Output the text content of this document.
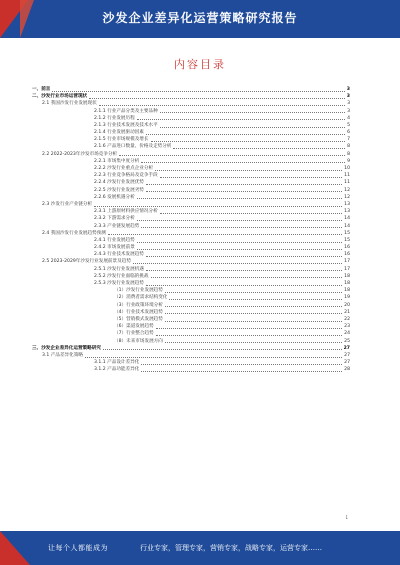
沙发企业差异化运营策略研究报告
内容目录
一、前言	3
二、沙发行业市场运营现状	3
2.1 我国沙发行业发展现状	3
2.1.1 行业产品分类及主要品种	3
2.1.2 行业发展历程	4
2.1.3 行业技术发展及技术水平	5
2.1.4 行业发展驱动因素	6
2.1.5 行业市场规模及增长	7
2.1.6 产品进口数量、价格及走势分析	8
2.2 2022-2023年沙发市场竞争分析	8
2.2.1 市场集中度分析	9
2.2.2 沙发行业重点企业分析	10
2.2.3 行业竞争格局及竞争手段	11
2.2.4 沙发行业发展优势	11
2.2.5 沙发行业发展劣势	12
2.2.6 发展机遇分析	12
2.3 沙发行业产业链分析	13
2.3.1 上游原材料供应情况分析	13
2.3.2 下游需求分析	14
2.3.3 产业链发展趋势	14
2.4 我国沙发行业发展趋势预测	15
2.4.1 行业发展趋势	15
2.4.2 市场发展前景	16
2.4.3 行业技术发展趋势	16
2.5 2023-2029年沙发行业发展前景及趋势	17
2.5.1 沙发行业发展机遇	17
2.5.2 沙发行业面临的挑战	18
2.5.3 沙发行业发展趋势	18
（1）沙发行业发展趋势	18
（2）消费者需求结构变化	19
（3）行业政策环境分析	20
（4）行业技术发展趋势	21
（5）营销模式发展趋势	22
（6）渠道发展趋势	23
（7）行业整合趋势	24
（8）未来市场发展方向	25
三、沙发企业差异化运营策略研究	27
3.1 产品差异化策略	27
3.1.1 产品设计差异化	27
3.1.2 产品功能差异化	28
1
让每个人都能成为	行业专家，管理专家，营销专家，战略专家，运营专家……
